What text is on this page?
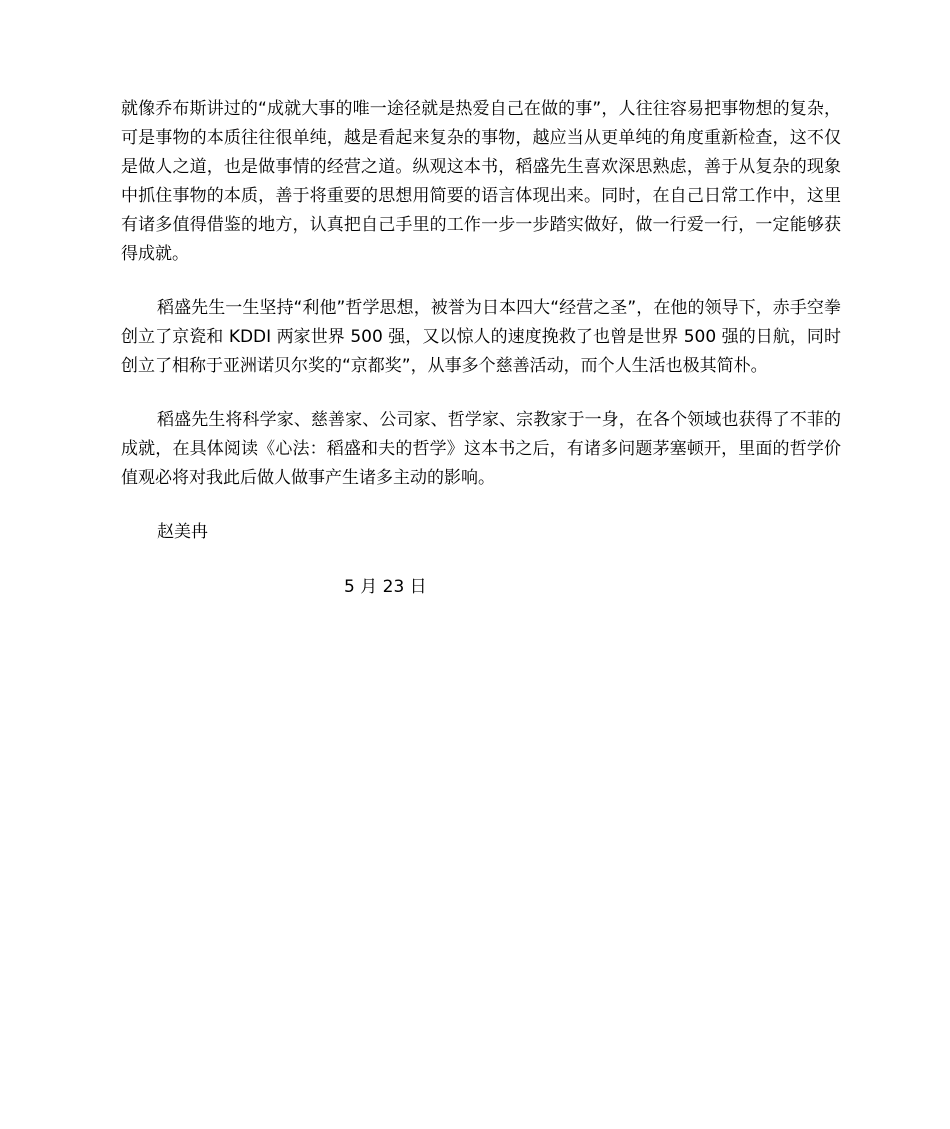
就像乔布斯讲过的“成就大事的唯一途径就是热爱自己在做的事”，人往往容易把事物想的复杂，可是事物的本质往往很单纯，越是看起来复杂的事物，越应当从更单纯的角度重新检查，这不仅是做人之道，也是做事情的经营之道。纵观这本书，稻盛先生喜欢深思熟虑，善于从复杂的现象中抓住事物的本质，善于将重要的思想用简要的语言体现出来。同时，在自己日常工作中，这里有诸多值得借鉴的地方，认真把自己手里的工作一步一步踏实做好，做一行爱一行，一定能够获得成就。

稻盛先生一生坚持“利他”哲学思想，被誉为日本四大“经营之圣”，在他的领导下，赤手空拳创立了京瓷和 KDDI 两家世界 500 强，又以惊人的速度挽救了也曾是世界 500 强的日航，同时创立了相称于亚洲诺贝尔奖的“京都奖”，从事多个慈善活动，而个人生活也极其简朴。

稻盛先生将科学家、慈善家、公司家、哲学家、宗教家于一身，在各个领域也获得了不菲的成就，在具体阅读《心法：稻盛和夫的哲学》这本书之后，有诸多问题茅塞顿开，里面的哲学价值观必将对我此后做人做事产生诸多主动的影响。

赵美冉

5 月 23 日
